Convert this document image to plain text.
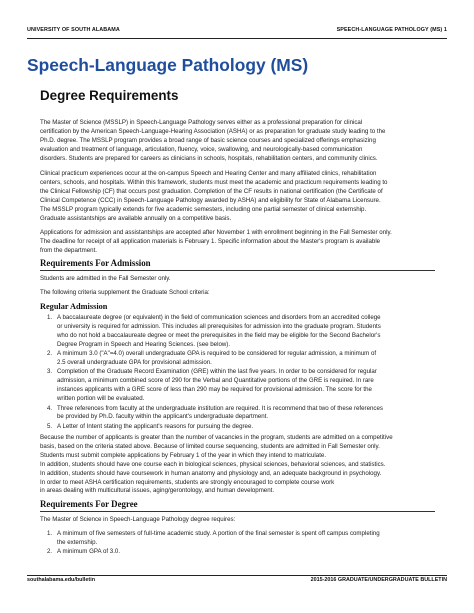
UNIVERSITY OF SOUTH ALABAMA	SPEECH-LANGUAGE PATHOLOGY (MS) 1
Speech-Language Pathology (MS)
Degree Requirements
The Master of Science (MSSLP) in Speech-Language Pathology serves either as a professional preparation for clinical
certification by the American Speech-Language-Hearing Association (ASHA) or as preparation for graduate study leading to the
Ph.D. degree. The MSSLP program provides a broad range of basic science courses and specialized offerings emphasizing
evaluation and treatment of language, articulation, fluency, voice, swallowing, and neurologically-based communication
disorders. Students are prepared for careers as clinicians in schools, hospitals, rehabilitation centers, and community clinics.
Clinical practicum experiences occur at the on-campus Speech and Hearing Center and many affiliated clinics, rehabilitation
centers, schools, and hospitals. Within this framework, students must meet the academic and practicum requirements leading to
the Clinical Fellowship (CF) that occurs post graduation. Completion of the CF results in national certification (the Certificate of
Clinical Competence (CCC) in Speech-Language Pathology awarded by ASHA) and eligibility for State of Alabama Licensure.
The MSSLP program typically extends for five academic semesters, including one partial semester of clinical externship.
Graduate assistantships are available annually on a competitive basis.
Applications for admission and assistantships are accepted after November 1 with enrollment beginning in the Fall Semester only.
The deadline for receipt of all application materials is February 1. Specific information about the Master's program is available
from the department.
Requirements For Admission
Students are admitted in the Fall Semester only.
The following criteria supplement the Graduate School criteria:
Regular Admission
1. A baccalaureate degree (or equivalent) in the field of communication sciences and disorders from an accredited college
or university is required for admission. This includes all prerequisites for admission into the graduate program. Students
who do not hold a baccalaureate degree or meet the prerequisites in the field may be eligible for the Second Bachelor's
Degree Program in Speech and Hearing Sciences. (see below).
2. A minimum 3.0 ("A"=4.0) overall undergraduate GPA is required to be considered for regular admission, a minimum of
2.5 overall undergraduate GPA for provisional admission.
3. Completion of the Graduate Record Examination (GRE) within the last five years. In order to be considered for regular
admission, a minimum combined score of 290 for the Verbal and Quantitative portions of the GRE is required. In rare
instances applicants with a GRE score of less than 290 may be required for provisional admission. The score for the
written portion will be evaluated.
4. Three references from faculty at the undergraduate institution are required. It is recommend that two of these references
be provided by Ph.D. faculty within the applicant's undergraduate department.
5. A Letter of Intent stating the applicant's reasons for pursuing the degree.
Because the number of applicants is greater than the number of vacancies in the program, students are admitted on a competitive
basis, based on the criteria stated above. Because of limited course sequencing, students are admitted in Fall Semester only.
Students must submit complete applications by February 1 of the year in which they intend to matriculate.
In addition, students should have one course each in biological sciences, physical sciences, behavioral sciences, and statistics.
In addition, students should have coursework in human anatomy and physiology and, an adequate background in psychology.
In order to meet ASHA certification requirements, students are strongly encouraged to complete course work
in areas dealing with multicultural issues, aging/gerontology, and human development.
Requirements For Degree
The Master of Science in Speech-Language Pathology degree requires:
1. A minimum of five semesters of full-time academic study. A portion of the final semester is spent off campus completing
the externship.
2. A minimum GPA of 3.0.
southalabama.edu/bulletin	2015-2016 GRADUATE/UNDERGRADUATE BULLETIN
